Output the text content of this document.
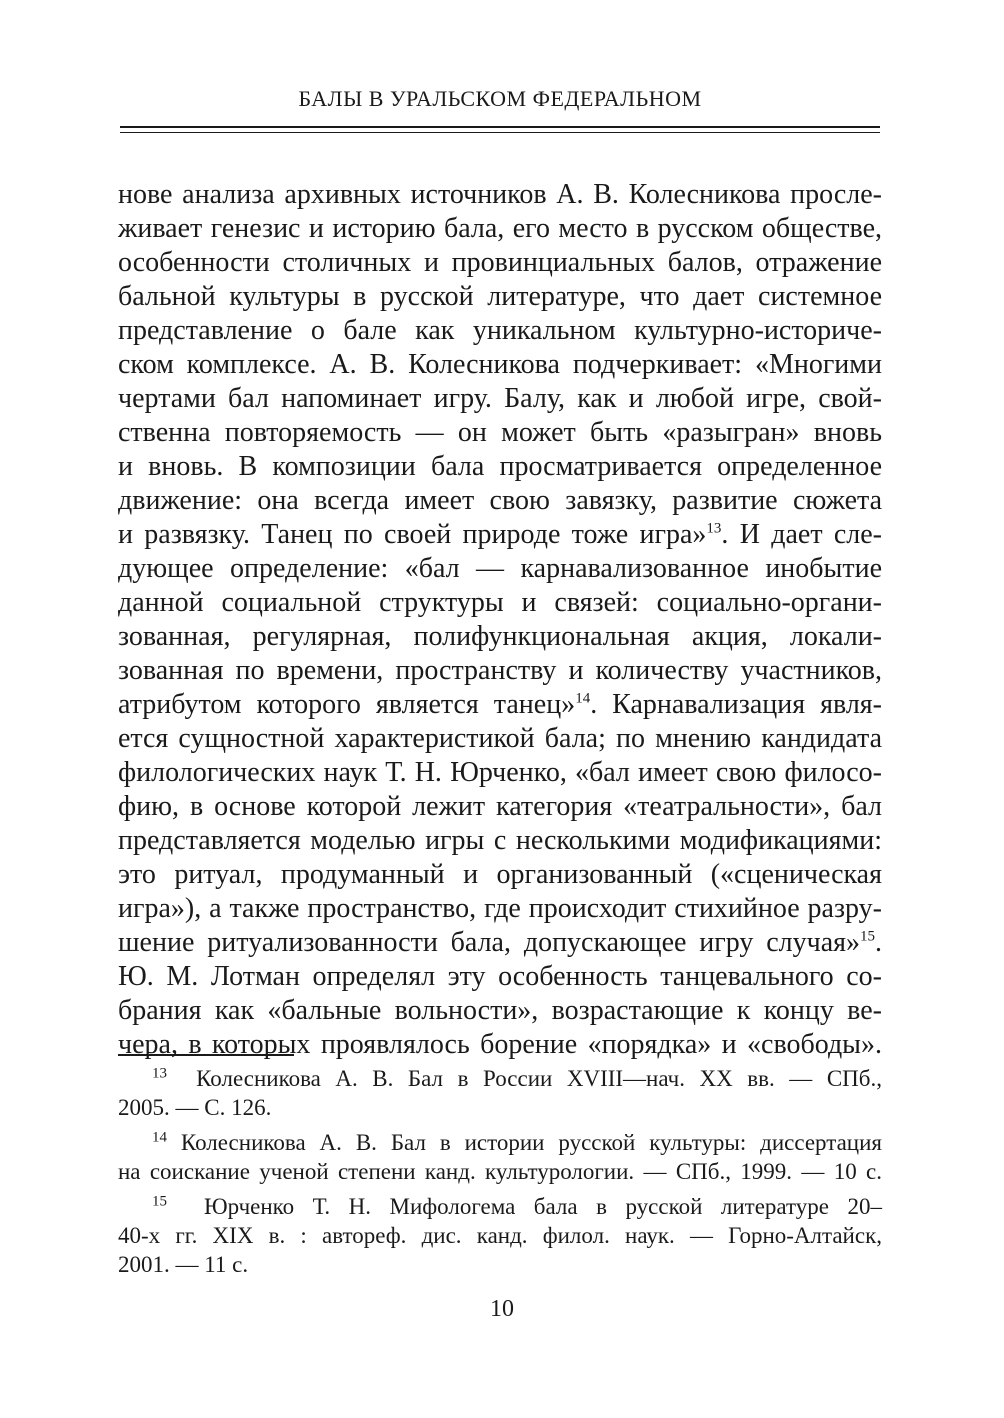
БАЛЫ В УРАЛЬСКОМ ФЕДЕРАЛЬНОМ
нове анализа архивных источников А. В. Колесникова просле-
живает генезис и историю бала, его место в русском обществе,
особенности столичных и провинциальных балов, отражение
бальной культуры в русской литературе, что дает системное
представление о бале как уникальном культурно-историче-
ском комплексе. А. В. Колесникова подчеркивает: «Многими
чертами бал напоминает игру. Балу, как и любой игре, свой-
ственна повторяемость — он может быть «разыгран» вновь
и вновь. В композиции бала просматривается определенное
движение: она всегда имеет свою завязку, развитие сюжета
и развязку. Танец по своей природе тоже игра»$^{13}$. И дает сле-
дующее определение: «бал — карнавализованное инобытие
данной социальной структуры и связей: социально-органи-
зованная, регулярная, полифункциональная акция, локали-
зованная по времени, пространству и количеству участников,
атрибутом которого является танец»$^{14}$. Карнавализация явля-
ется сущностной характеристикой бала; по мнению кандидата
филологических наук Т. Н. Юрченко, «бал имеет свою филосо-
фию, в основе которой лежит категория «театральности», бал
представляется моделью игры с несколькими модификациями:
это ритуал, продуманный и организованный («сценическая
игра»), а также пространство, где происходит стихийное разру-
шение ритуализованности бала, допускающее игру случая»$^{15}$.
Ю. М. Лотман определял эту особенность танцевального со-
брания как «бальные вольности», возрастающие к концу ве-
чера, в которых проявлялось борение «порядка» и «свободы».
$^{13}$ Колесникова А. В. Бал в России XVIII—нач. XX вв. — СПб.,
2005. — С. 126.
$^{14}$ Колесникова А. В. Бал в истории русской культуры: диссертация
на соискание ученой степени канд. культурологии. — СПб., 1999. — 10 с.
$^{15}$ Юрченко Т. Н. Мифологема бала в русской литературе 20–
40-х гг. XIX в. : автореф. дис. канд. филол. наук. — Горно-Алтайск,
2001. — 11 с.
10
